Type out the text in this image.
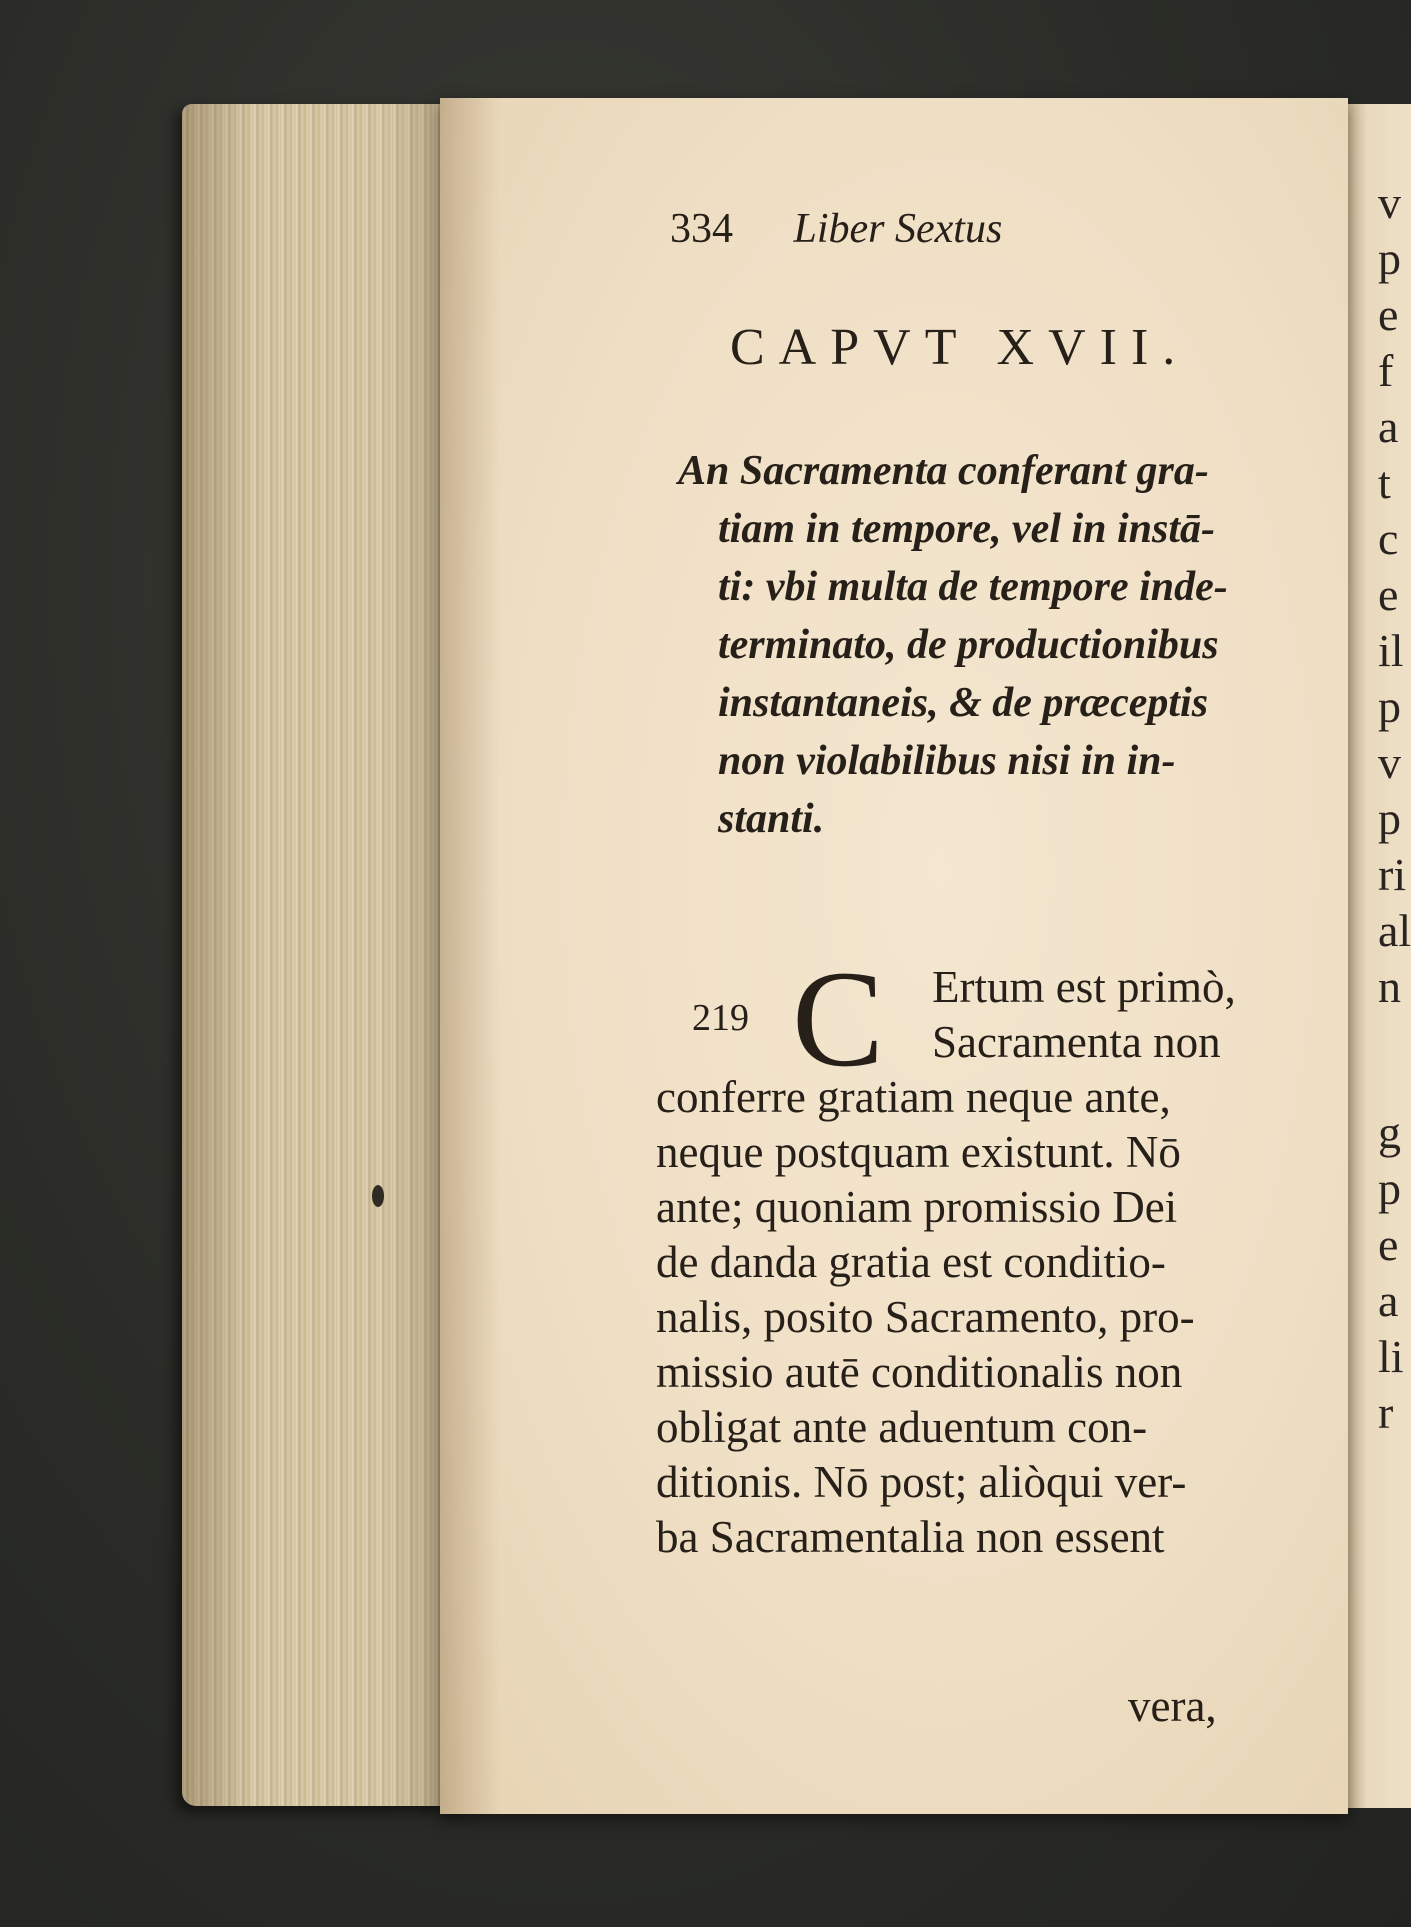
v
p
e
f
a
t
c
e
il
p
v
p
ri
al
n
g
p
e
a
li
r
334 Liber Sextus
CAPVT XVII.
An Sacramenta conferant gra-
tiam in tempore, vel in instā-
ti: vbi multa de tempore inde-
terminato, de productionibus
instantaneis, & de præceptis
non violabilibus nisi in in-
stanti.
219 C	Ertum est primò,
Sacramenta non
conferre gratiam neque ante,
neque postquam existunt. Nō
ante; quoniam promissio Dei
de danda gratia est conditio-
nalis, posito Sacramento, pro-
missio autē conditionalis non
obligat ante aduentum con-
ditionis. Nō post; aliòqui ver-
ba Sacramentalia non essent
vera,
